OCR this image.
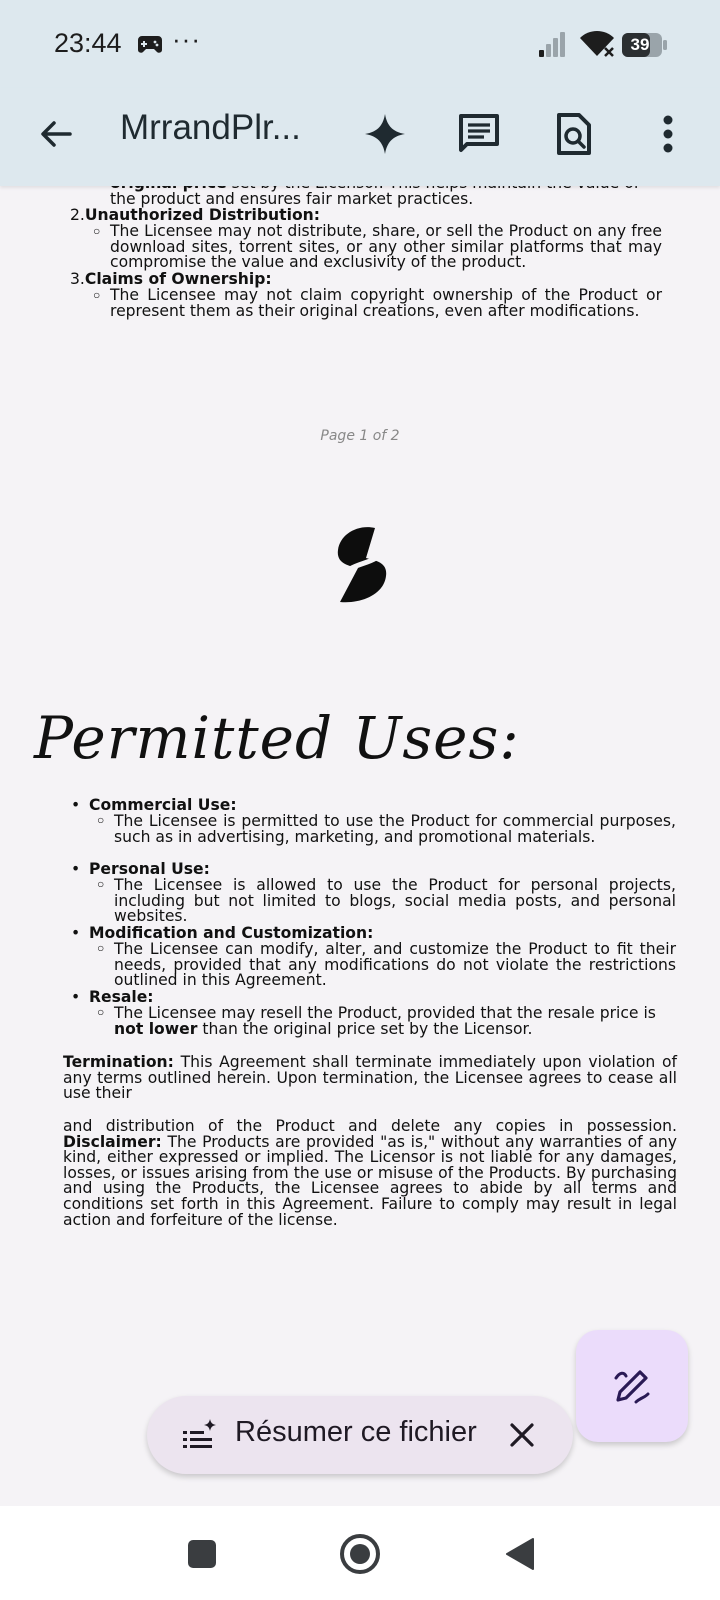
23:44 ···	39
MrrandPlr...

the product and ensures fair market practices.
2.Unauthorized Distribution:
○ The Licensee may not distribute, share, or sell the Product on any free download sites, torrent sites, or any other similar platforms that may compromise the value and exclusivity of the product.
3.Claims of Ownership:
○ The Licensee may not claim copyright ownership of the Product or represent them as their original creations, even after modifications.
Page 1 of 2
Permitted Uses:
• Commercial Use:
○ The Licensee is permitted to use the Product for commercial purposes, such as in advertising, marketing, and promotional materials.
• Personal Use:
○ The Licensee is allowed to use the Product for personal projects, including but not limited to blogs, social media posts, and personal websites.
• Modification and Customization:
○ The Licensee can modify, alter, and customize the Product to fit their needs, provided that any modifications do not violate the restrictions outlined in this Agreement.
• Resale:
○ The Licensee may resell the Product, provided that the resale price is not lower than the original price set by the Licensor.
Termination: This Agreement shall terminate immediately upon violation of any terms outlined herein. Upon termination, the Licensee agrees to cease all use their
and distribution of the Product and delete any copies in possession. Disclaimer: The Products are provided "as is," without any warranties of any kind, either expressed or implied. The Licensor is not liable for any damages, losses, or issues arising from the use or misuse of the Products. By purchasing and using the Products, the Licensee agrees to abide by all terms and conditions set forth in this Agreement. Failure to comply may result in legal action and forfeiture of the license.
Résumer ce fichier
